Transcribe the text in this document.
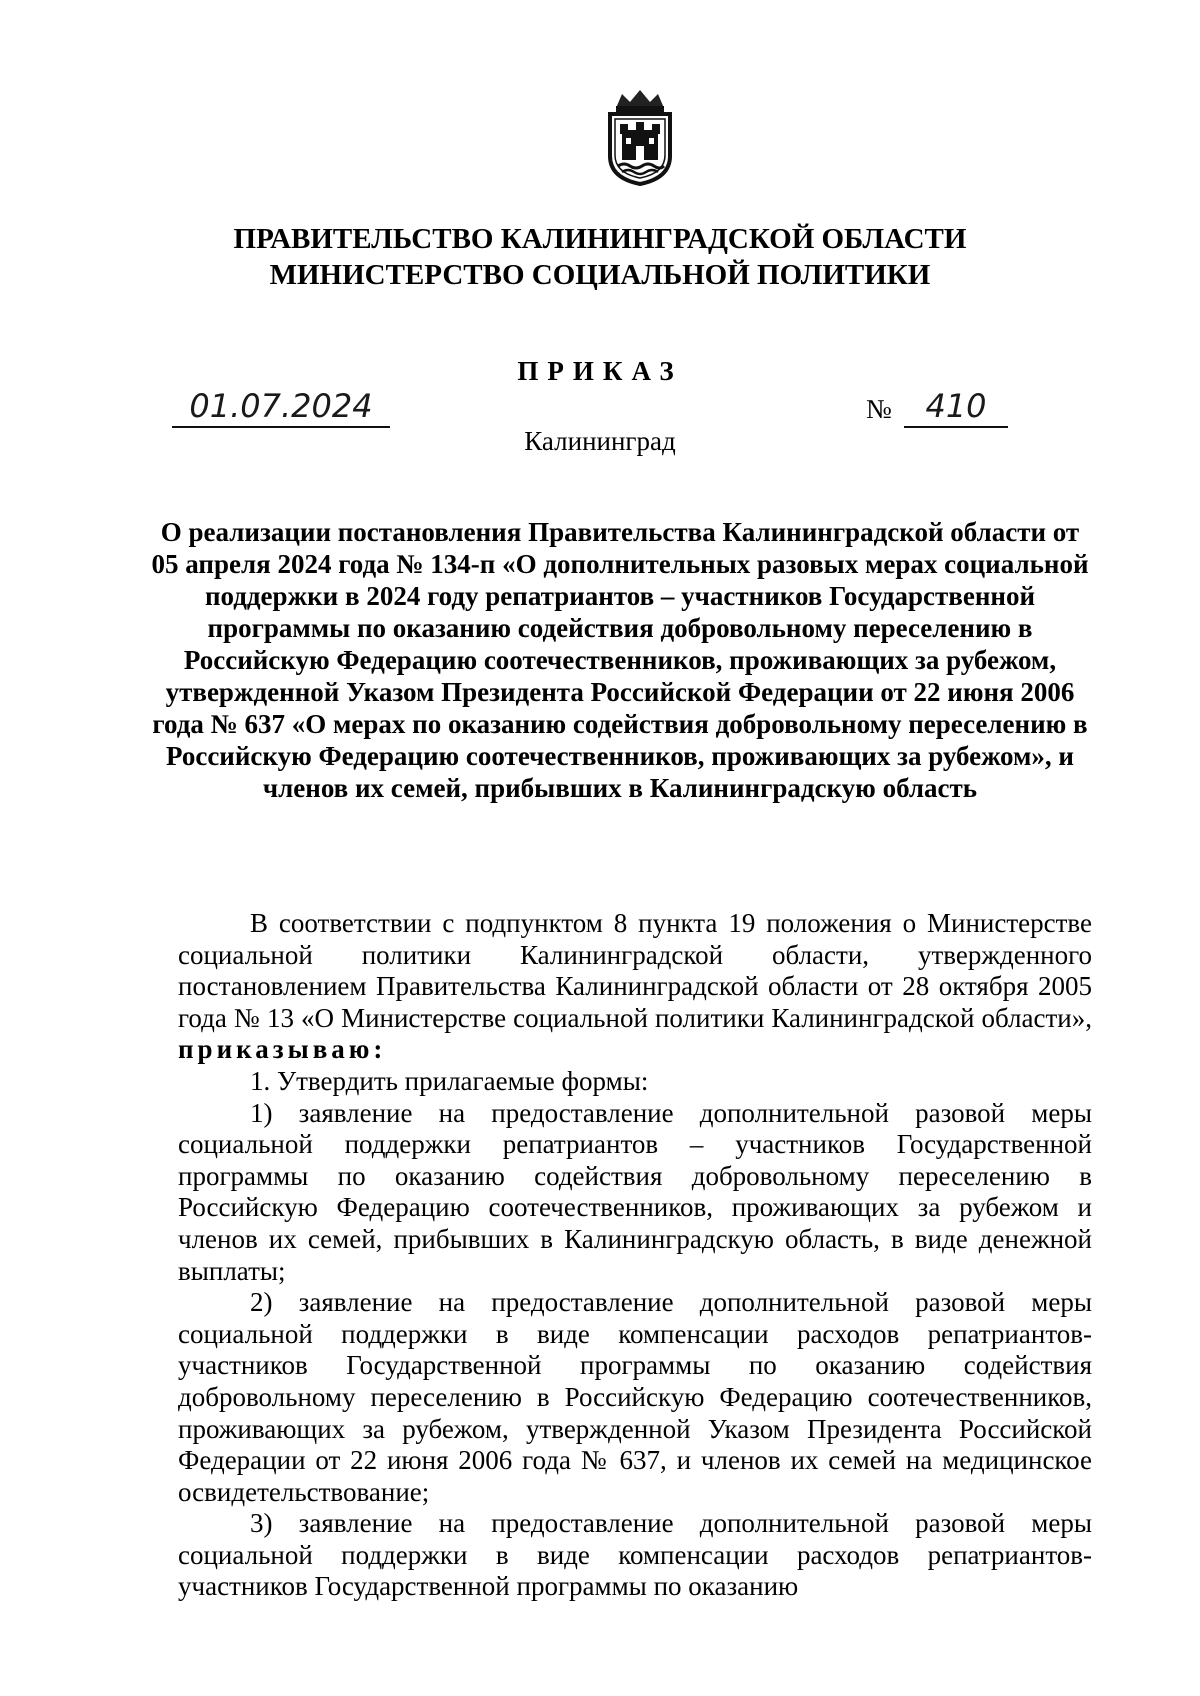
ПРАВИТЕЛЬСТВО КАЛИНИНГРАДСКОЙ ОБЛАСТИ
МИНИСТЕРСТВО СОЦИАЛЬНОЙ ПОЛИТИКИ
ПРИКАЗ
01.07.2024	№	410
Калининград
О реализации постановления Правительства Калининградской области от 05 апреля 2024 года № 134-п «О дополнительных разовых мерах социальной поддержки в 2024 году репатриантов – участников Государственной программы по оказанию содействия добровольному переселению в Российскую Федерацию соотечественников, проживающих за рубежом, утвержденной Указом Президента Российской Федерации от 22 июня 2006 года № 637 «О мерах по оказанию содействия добровольному переселению в Российскую Федерацию соотечественников, проживающих за рубежом», и членов их семей, прибывших в Калининградскую область

В соответствии с подпунктом 8 пункта 19 положения о Министерстве социальной политики Калининградской области, утвержденного постановлением Правительства Калининградской области от 28 октября 2005 года № 13 «О Министерстве социальной политики Калининградской области», приказываю:

1. Утвердить прилагаемые формы:

1) заявление на предоставление дополнительной разовой меры социальной поддержки репатриантов – участников Государственной программы по оказанию содействия добровольному переселению в Российскую Федерацию соотечественников, проживающих за рубежом и членов их семей, прибывших в Калининградскую область, в виде денежной выплаты;

2) заявление на предоставление дополнительной разовой меры социальной поддержки в виде компенсации расходов репатриантов-участников Государственной программы по оказанию содействия добровольному переселению в Российскую Федерацию соотечественников, проживающих за рубежом, утвержденной Указом Президента Российской Федерации от 22 июня 2006 года № 637, и членов их семей на медицинское освидетельствование;

3) заявление на предоставление дополнительной разовой меры социальной поддержки в виде компенсации расходов репатриантов-участников Государственной программы по оказанию
